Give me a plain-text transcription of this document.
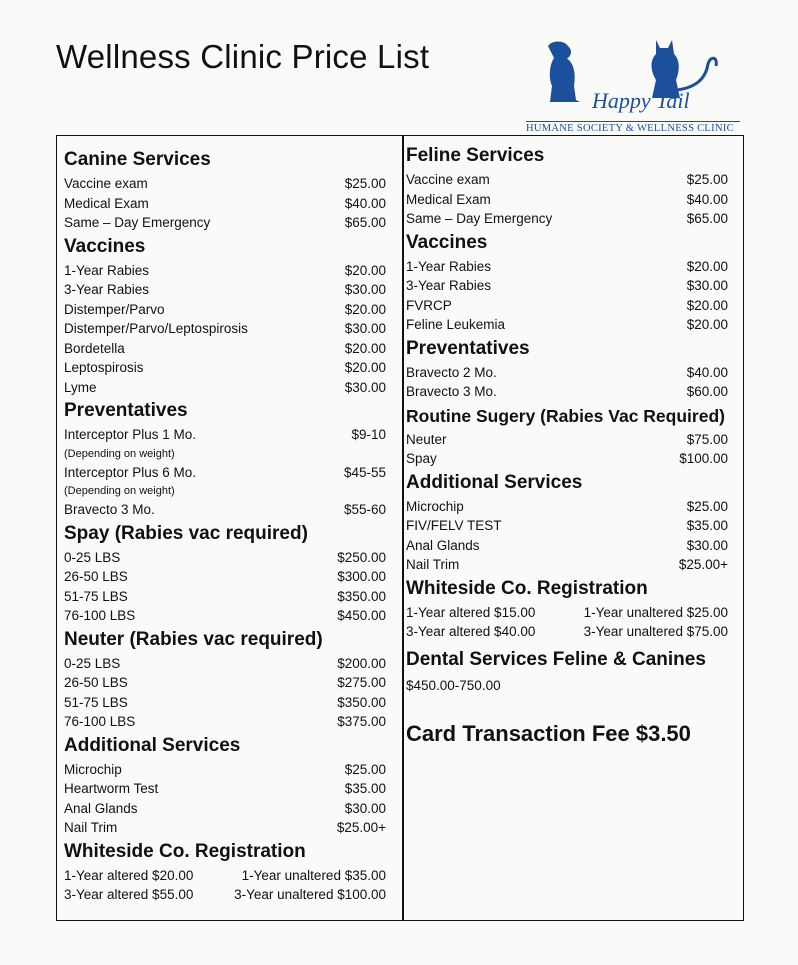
Wellness Clinic Price List
Happy Tail
HUMANE SOCIETY & WELLNESS CLINIC
Canine Services
Vaccine exam	$25.00
Medical Exam	$40.00
Same – Day Emergency	$65.00
Vaccines
1-Year Rabies	$20.00
3-Year Rabies	$30.00
Distemper/Parvo	$20.00
Distemper/Parvo/Leptospirosis	$30.00
Bordetella	$20.00
Leptospirosis	$20.00
Lyme	$30.00
Preventatives
Interceptor Plus 1 Mo.	$9-10
(Depending on weight)
Interceptor Plus 6 Mo.	$45-55
(Depending on weight)
Bravecto 3 Mo.	$55-60
Spay (Rabies vac required)
0-25 LBS	$250.00
26-50 LBS	$300.00
51-75 LBS	$350.00
76-100 LBS	$450.00
Neuter (Rabies vac required)
0-25 LBS	$200.00
26-50 LBS	$275.00
51-75 LBS	$350.00
76-100 LBS	$375.00
Additional Services
Microchip	$25.00
Heartworm Test	$35.00
Anal Glands	$30.00
Nail Trim	$25.00+
Whiteside Co. Registration
1-Year altered $20.00	1-Year unaltered $35.00
3-Year altered $55.00	3-Year unaltered $100.00
Feline Services
Vaccine exam	$25.00
Medical Exam	$40.00
Same – Day Emergency	$65.00
Vaccines
1-Year Rabies	$20.00
3-Year Rabies	$30.00
FVRCP	$20.00
Feline Leukemia	$20.00
Preventatives
Bravecto 2 Mo.	$40.00
Bravecto 3 Mo.	$60.00
Routine Sugery (Rabies Vac Required)
Neuter	$75.00
Spay	$100.00
Additional Services
Microchip	$25.00
FIV/FELV TEST	$35.00
Anal Glands	$30.00
Nail Trim	$25.00+
Whiteside Co. Registration
1-Year altered $15.00	1-Year unaltered $25.00
3-Year altered $40.00	3-Year unaltered $75.00
Dental Services Feline & Canines
$450.00-750.00
Card Transaction Fee $3.50
